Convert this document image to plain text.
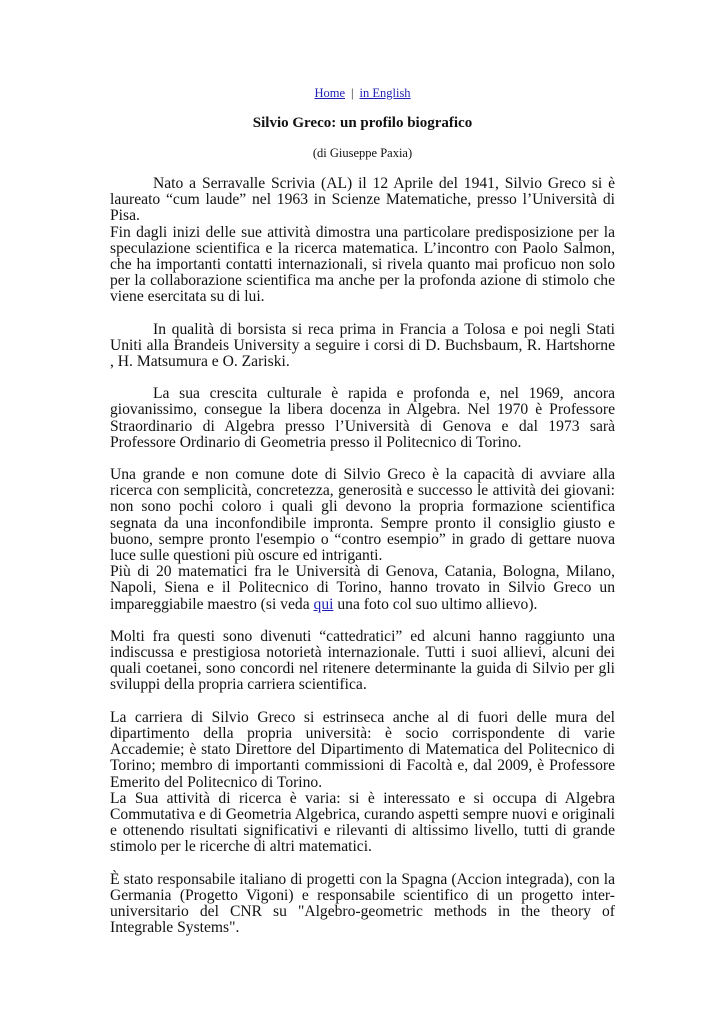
Home | in English
Silvio Greco: un profilo biografico
(di Giuseppe Paxia)

Nato a Serravalle Scrivia (AL) il 12 Aprile del 1941, Silvio Greco si è laureato “cum laude” nel 1963 in Scienze Matematiche, presso l’Università di Pisa.

Fin dagli inizi delle sue attività dimostra una particolare predisposizione per la speculazione scientifica e la ricerca matematica. L’incontro con Paolo Salmon, che ha importanti contatti internazionali, si rivela quanto mai proficuo non solo per la collaborazione scientifica ma anche per la profonda azione di stimolo che viene esercitata su di lui.

In qualità di borsista si reca prima in Francia a Tolosa e poi negli Stati Uniti alla Brandeis University a seguire i corsi di D. Buchsbaum, R. Hartshorne , H. Matsumura e O. Zariski.

La sua crescita culturale è rapida e profonda e, nel 1969, ancora giovanissimo, consegue la libera docenza in Algebra. Nel 1970 è Professore Straordinario di Algebra presso l’Università di Genova e dal 1973 sarà Professore Ordinario di Geometria presso il Politecnico di Torino.

Una grande e non comune dote di Silvio Greco è la capacità di avviare alla ricerca con semplicità, concretezza, generosità e successo le attività dei giovani: non sono pochi coloro i quali gli devono la propria formazione scientifica segnata da una inconfondibile impronta. Sempre pronto il consiglio giusto e buono, sempre pronto l'esempio o “contro esempio” in grado di gettare nuova luce sulle questioni più oscure ed intriganti.

Più di 20 matematici fra le Università di Genova, Catania, Bologna, Milano, Napoli, Siena e il Politecnico di Torino, hanno trovato in Silvio Greco un impareggiabile maestro (si veda qui una foto col suo ultimo allievo).

Molti fra questi sono divenuti “cattedratici” ed alcuni hanno raggiunto una indiscussa e prestigiosa notorietà internazionale. Tutti i suoi allievi, alcuni dei quali coetanei, sono concordi nel ritenere determinante la guida di Silvio per gli sviluppi della propria carriera scientifica.

La carriera di Silvio Greco si estrinseca anche al di fuori delle mura del dipartimento della propria università: è socio corrispondente di varie Accademie; è stato Direttore del Dipartimento di Matematica del Politecnico di Torino; membro di importanti commissioni di Facoltà e, dal 2009, è Professore Emerito del Politecnico di Torino.

La Sua attività di ricerca è varia: si è interessato e si occupa di Algebra Commutativa e di Geometria Algebrica, curando aspetti sempre nuovi e originali e ottenendo risultati significativi e rilevanti di altissimo livello, tutti di grande stimolo per le ricerche di altri matematici.

È stato responsabile italiano di progetti con la Spagna (Accion integrada), con la Germania (Progetto Vigoni) e responsabile scientifico di un progetto inter-universitario del CNR su "Algebro-geometric methods in the theory of Integrable Systems".
